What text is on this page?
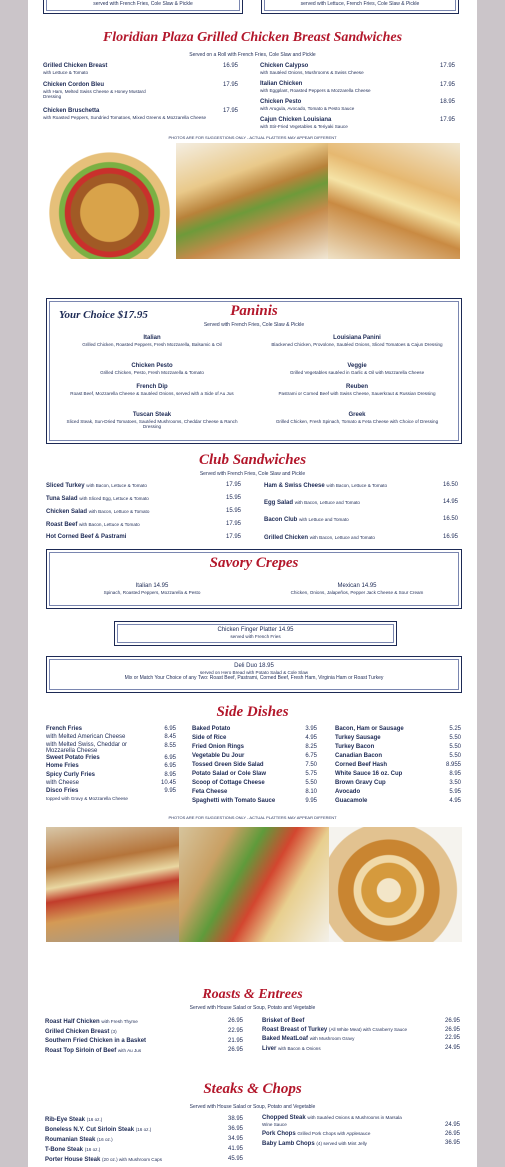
served with French Fries, Cole Slaw & Pickle	served with Lettuce, French Fries, Cole Slaw & Pickle
Floridian Plaza Grilled Chicken Breast Sandwiches
Served on a Roll with French Fries, Cole Slaw and Pickle
Grilled Chicken Breast
with Lettuce & Tomato
16.95
Chicken Cordon Bleu
with Ham, Melted Swiss Cheese & Honey Mustard Dressing
17.95
Chicken Bruschetta
with Roasted Peppers, Sundried Tomatoes, Mixed Greens & Mozzarella Cheese
17.95
Chicken Calypso
with Sautéed Onions, Mushrooms & Swiss Cheese
17.95
Italian Chicken
with Eggplant, Roasted Peppers & Mozzarella Cheese
17.95
Chicken Pesto
with Arugula, Avocado, Tomato & Pesto Sauce
18.95
Cajun Chicken Louisiana
with Stir-Fried Vegetables & Teriyaki Sauce
17.95
PHOTOS ARE FOR SUGGESTIONS ONLY - ACTUAL PLATTERS MAY APPEAR DIFFERENT
Your Choice $17.95	Paninis
Served with French Fries, Cole Slaw & Pickle
Italian
Grilled Chicken, Roasted Peppers, Fresh Mozzarella, Balsamic & Oil
Chicken Pesto
Grilled Chicken, Pesto, Fresh Mozzarella & Tomato
French Dip
Roast Beef, Mozzarella Cheese & Sautéed Onions, served with a Side of Au Jus
Tuscan Steak
Sliced Steak, Sun-Dried Tomatoes, Sautéed Mushrooms, Cheddar Cheese & Ranch Dressing
Louisiana Panini
Blackened Chicken, Provolone, Sautéed Onions, Sliced Tomatoes & Cajun Dressing
Veggie
Grilled Vegetables sautéed in Garlic & Oil with Mozzarella Cheese
Reuben
Pastrami or Corned Beef with Swiss Cheese, Sauerkraut & Russian Dressing
Greek
Grilled Chicken, Fresh Spinach, Tomato & Feta Cheese with Choice of Dressing
Club Sandwiches
Served with French Fries, Cole Slaw and Pickle
Sliced Turkey with Bacon, Lettuce & Tomato	17.95
Tuna Salad with Sliced Egg, Lettuce & Tomato	15.95
Chicken Salad with Bacon, Lettuce & Tomato	15.95
Roast Beef with Bacon, Lettuce & Tomato	17.95
Hot Corned Beef & Pastrami	17.95
Ham & Swiss Cheese with Bacon, Lettuce & Tomato	16.50
Egg Salad with Bacon, Lettuce and Tomato	14.95
Bacon Club with Lettuce and Tomato	16.50
Grilled Chicken with Bacon, Lettuce and Tomato	16.95
Savory Crepes
Italian 14.95
Spinach, Roasted Peppers, Mozzarella & Pesto
Mexican 14.95
Chicken, Onions, Jalapeños, Pepper Jack Cheese & Sour Cream
Chicken Finger Platter 14.95
served with French Fries
Deli Duo 18.95
served on Hero Bread with Potato Salad & Cole Slaw
Mix or Match Your Choice of any Two: Roast Beef, Pastrami, Corned Beef, Fresh Ham, Virginia Ham or Roast Turkey
Side Dishes
French Fries	6.95
with Melted American Cheese	8.45
with Melted Swiss, Cheddar or Mozzarella Cheese
8.55
Sweet Potato Fries	6.95
Home Fries	6.95
Spicy Curly Fries	8.95
with Cheese	10.45
Disco Fries	9.95
topped with Gravy & Mozzarella Cheese
Baked Potato	3.95
Side of Rice	4.95
Fried Onion Rings	8.25
Vegetable Du Jour	6.75
Tossed Green Side Salad	7.50
Potato Salad or Cole Slaw	5.75
Scoop of Cottage Cheese	5.50
Feta Cheese	8.10
Spaghetti with Tomato Sauce	9.95
Bacon, Ham or Sausage	5.25
Turkey Sausage	5.50
Turkey Bacon	5.50
Canadian Bacon	5.50
Corned Beef Hash	8.955
White Sauce 16 oz. Cup	8.95
Brown Gravy Cup	3.50
Avocado	5.95
Guacamole	4.95
PHOTOS ARE FOR SUGGESTIONS ONLY - ACTUAL PLATTERS MAY APPEAR DIFFERENT
Roasts & Entrees
Served with House Salad or Soup, Potato and Vegetable
Roast Half Chicken with Fresh Thyme	26.95
Grilled Chicken Breast (3)	22.95
Southern Fried Chicken in a Basket	21.95
Roast Top Sirloin of Beef with Au Jus	26.95
Brisket of Beef	26.95
Roast Breast of Turkey (All White Meat) with Cranberry Sauce	26.95
Baked MeatLoaf with Mushroom Gravy	22.95
Liver with Bacon & Onions	24.95
Steaks & Chops
Served with House Salad or Soup, Potato and Vegetable
Rib-Eye Steak (16 oz.)	38.95
Boneless N.Y. Cut Sirloin Steak (16 oz.)	36.95
Roumanian Steak (16 oz.)	34.95
T-Bone Steak (16 oz.)	41.95
Porter House Steak (20 oz.) with Mushroom Caps	45.95
Chopped Steak with Sautéed Onions & Mushrooms in Marsala Wine Sauce	24.95
Pork Chops Grilled Pork Chops with Applesauce	26.95
Baby Lamb Chops (4) served with Mint Jelly	36.95
